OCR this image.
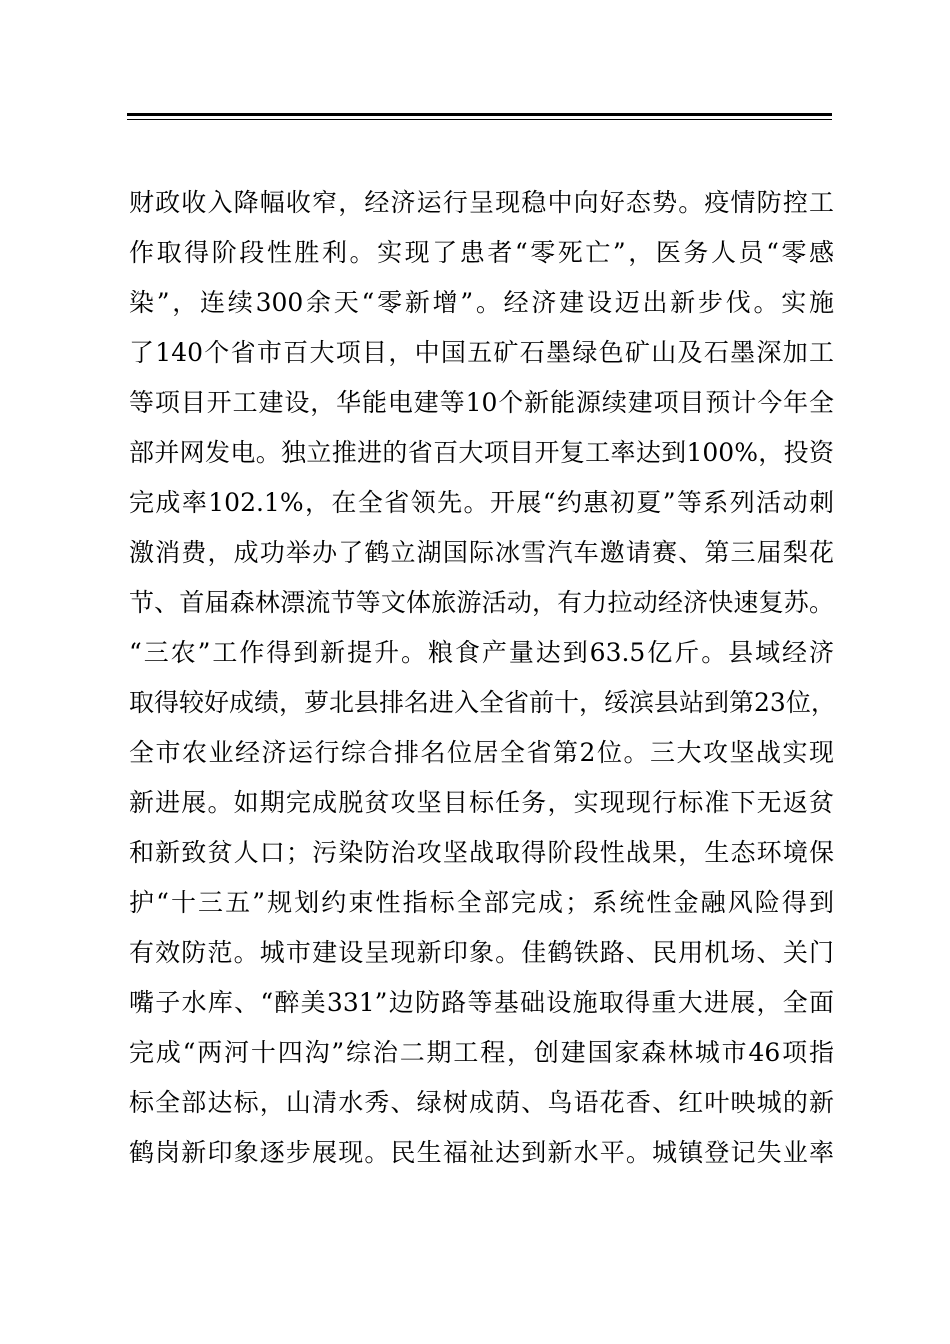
财政收入降幅收窄，经济运行呈现稳中向好态势。疫情防控工
作取得阶段性胜利。实现了患者“零死亡”，医务人员“零感
染”，连续300余天“零新增”。经济建设迈出新步伐。实施
了140个省市百大项目，中国五矿石墨绿色矿山及石墨深加工
等项目开工建设，华能电建等10个新能源续建项目预计今年全
部并网发电。独立推进的省百大项目开复工率达到100%，投资
完成率102.1%，在全省领先。开展“约惠初夏”等系列活动刺
激消费，成功举办了鹤立湖国际冰雪汽车邀请赛、第三届梨花
节、首届森林漂流节等文体旅游活动，有力拉动经济快速复苏。
“三农”工作得到新提升。粮食产量达到63.5亿斤。县域经济
取得较好成绩，萝北县排名进入全省前十，绥滨县站到第23位，
全市农业经济运行综合排名位居全省第2位。三大攻坚战实现
新进展。如期完成脱贫攻坚目标任务，实现现行标准下无返贫
和新致贫人口；污染防治攻坚战取得阶段性战果，生态环境保
护“十三五”规划约束性指标全部完成；系统性金融风险得到
有效防范。城市建设呈现新印象。佳鹤铁路、民用机场、关门
嘴子水库、“醉美331”边防路等基础设施取得重大进展，全面
完成“两河十四沟”综治二期工程，创建国家森林城市46项指
标全部达标，山清水秀、绿树成荫、鸟语花香、红叶映城的新
鹤岗新印象逐步展现。民生福祉达到新水平。城镇登记失业率
